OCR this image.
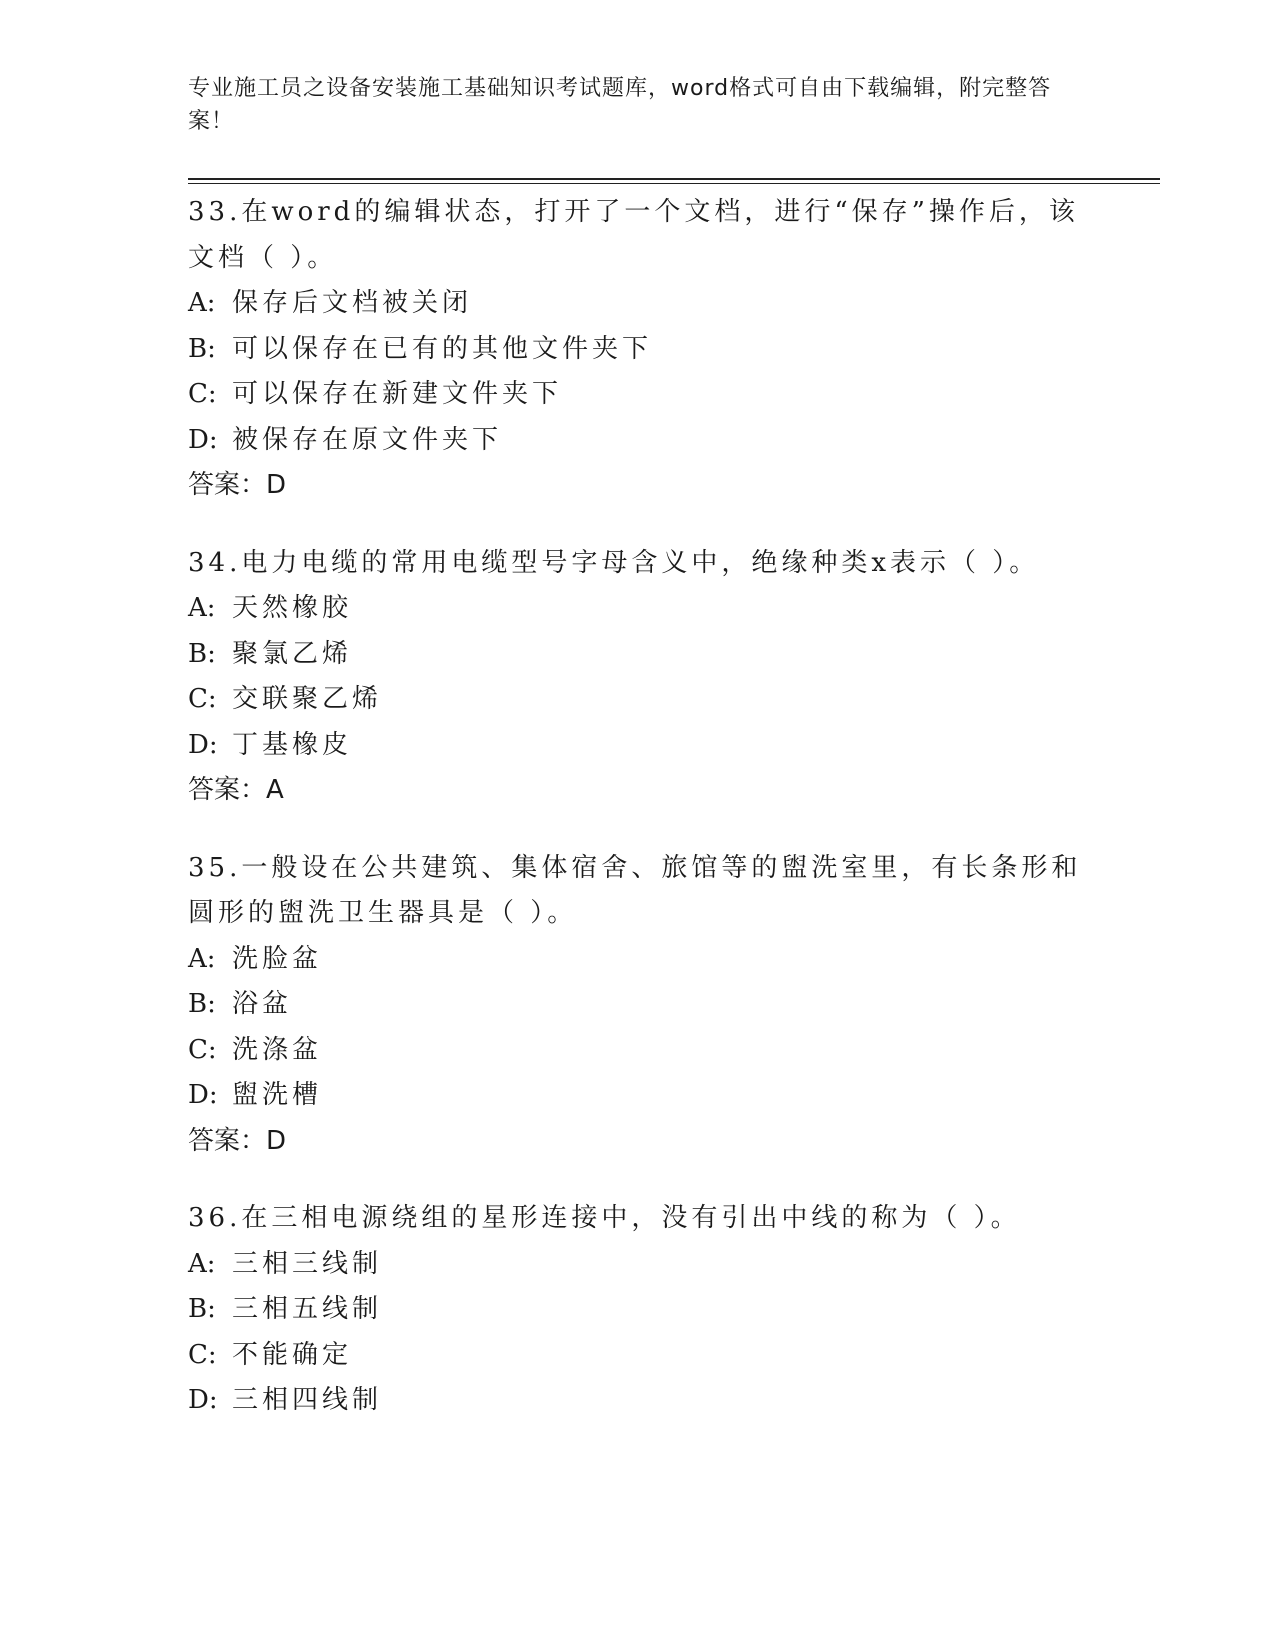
专业施工员之设备安装施工基础知识考试题库，word格式可自由下载编辑，附完整答案！

33.在word的编辑状态，打开了一个文档，进行“保存”操作后，该文档（ ）。

A: 保存后文档被关闭

B: 可以保存在已有的其他文件夹下

C: 可以保存在新建文件夹下

D: 被保存在原文件夹下

答案：D

34.电力电缆的常用电缆型号字母含义中，绝缘种类x表示（ ）。

A: 天然橡胶

B: 聚氯乙烯

C: 交联聚乙烯

D: 丁基橡皮

答案：A

35.一般设在公共建筑、集体宿舍、旅馆等的盥洗室里，有长条形和圆形的盥洗卫生器具是（ ）。

A: 洗脸盆

B: 浴盆

C: 洗涤盆

D: 盥洗槽

答案：D

36.在三相电源绕组的星形连接中，没有引出中线的称为（ ）。

A: 三相三线制

B: 三相五线制

C: 不能确定

D: 三相四线制
